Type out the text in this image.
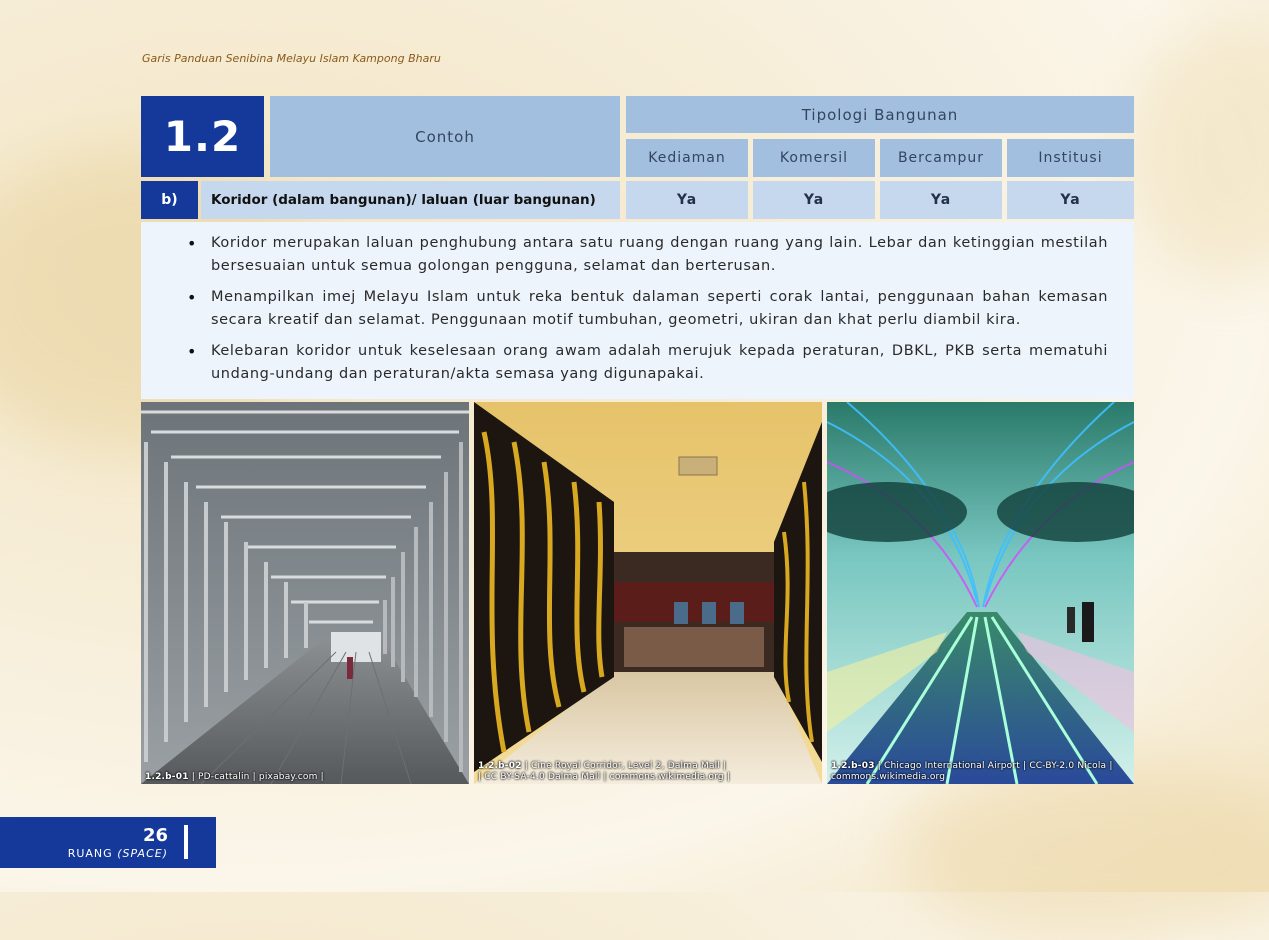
Garis Panduan Senibina Melayu Islam Kampong Bharu
1.2	Contoh
Tipologi Bangunan
Kediaman	Komersil	Bercampur	Institusi
b)	Koridor (dalam bangunan)/ laluan (luar bangunan)	Ya	Ya	Ya	Ya
• Koridor merupakan laluan penghubung antara satu ruang dengan ruang yang lain. Lebar dan ketinggian mestilah bersesuaian untuk semua golongan pengguna, selamat dan berterusan.
• Menampilkan imej Melayu Islam untuk reka bentuk dalaman seperti corak lantai, penggunaan bahan kemasan secara kreatif dan selamat. Penggunaan motif tumbuhan, geometri, ukiran dan khat perlu diambil kira.
• Kelebaran koridor untuk keselesaan orang awam adalah merujuk kepada peraturan, DBKL, PKB serta mematuhi undang-undang dan peraturan/akta semasa yang digunapakai.
1.2.b-01 | PD-cattalin | pixabay.com |
1.2.b-02 | Cine Royal Corridor, Level 2, Dalma Mall |
| CC BY-SA-4.0 Dalma Mall | commons.wikimedia.org |
1.2.b-03 | Chicago International Airport | CC-BY-2.0 Nicola |
commons.wikimedia.org
26
RUANG (SPACE)
